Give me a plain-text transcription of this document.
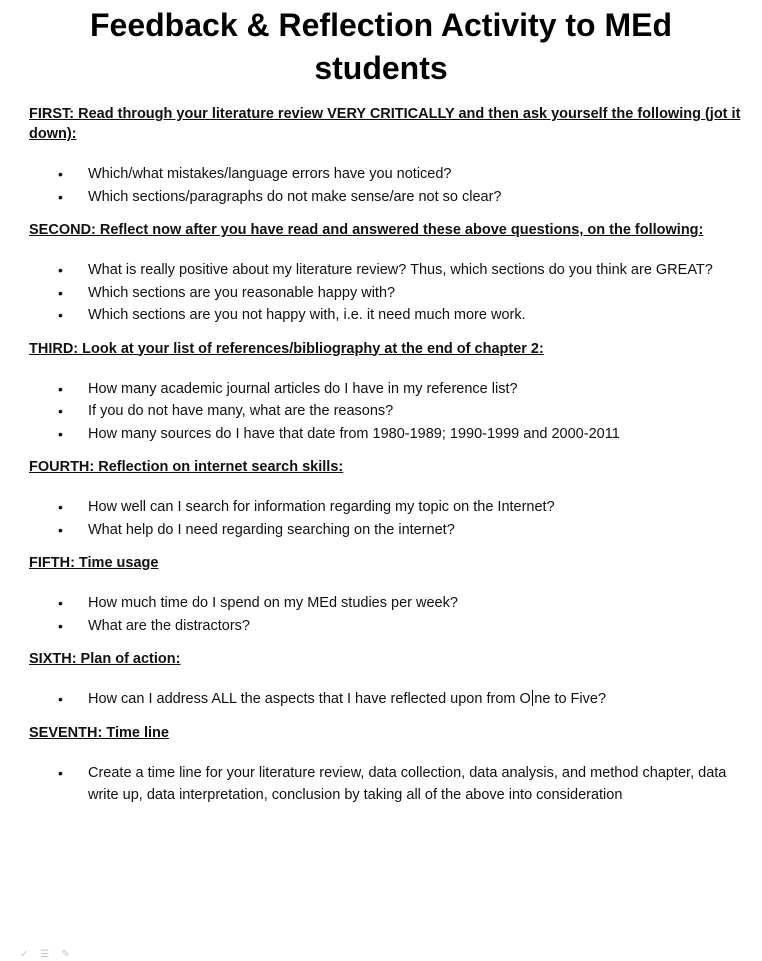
Feedback & Reflection Activity to MEd
students

FIRST: Read through your literature review VERY CRITICALLY and then ask yourself the following (jot it down):

• Which/what mistakes/language errors have you noticed?
• Which sections/paragraphs do not make sense/are not so clear?

SECOND: Reflect now after you have read and answered these above questions, on the following:

• What is really positive about my literature review? Thus, which sections do you think are GREAT?
• Which sections are you reasonable happy with?
• Which sections are you not happy with, i.e. it need much more work.

THIRD: Look at your list of references/bibliography at the end of chapter 2:

• How many academic journal articles do I have in my reference list?
• If you do not have many, what are the reasons?
• How many sources do I have that date from 1980-1989; 1990-1999 and 2000-2011

FOURTH: Reflection on internet search skills:

• How well can I search for information regarding my topic on the Internet?
• What help do I need regarding searching on the internet?

FIFTH: Time usage

• How much time do I spend on my MEd studies per week?
• What are the distractors?

SIXTH: Plan of action:

• How can I address ALL the aspects that I have reflected upon from O ne to Five?

SEVENTH: Time line

• Create a time line for your literature review, data collection, data analysis, and method chapter, data write up, data interpretation, conclusion by taking all of the above into consideration
✓ ☰ ✎
